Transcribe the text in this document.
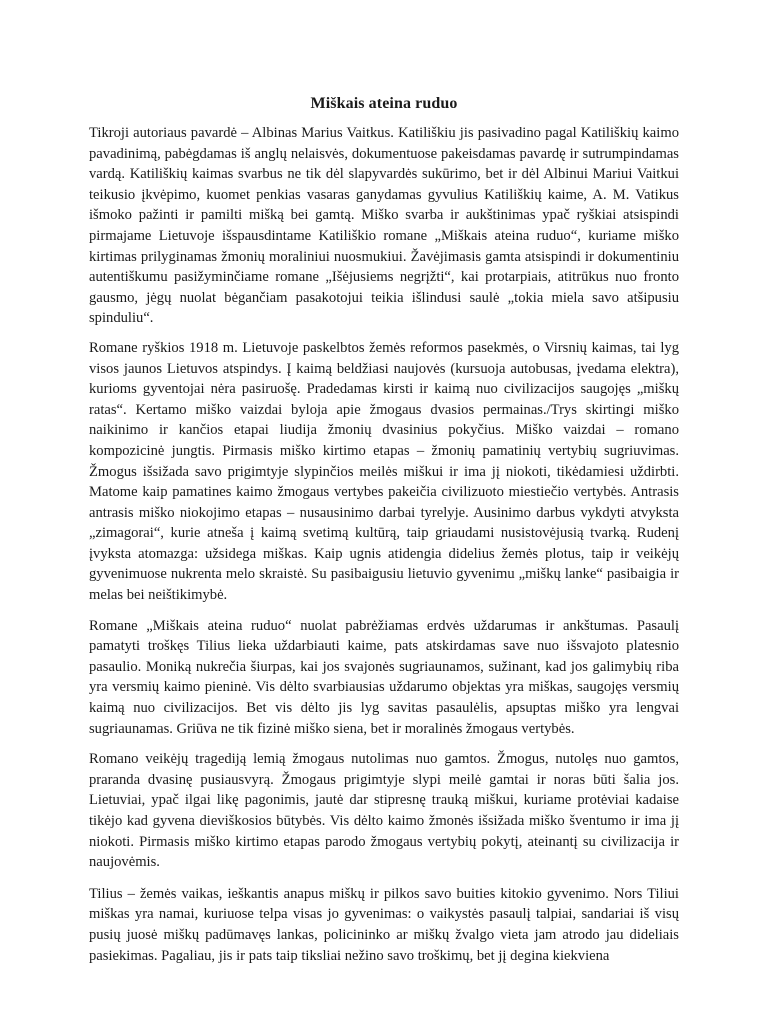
Miškais ateina ruduo

Tikroji autoriaus pavardė – Albinas Marius Vaitkus. Katiliškiu jis pasivadino pagal Katiliškių kaimo pavadinimą, pabėgdamas iš anglų nelaisvės, dokumentuose pakeisdamas pavardę ir sutrumpindamas vardą. Katiliškių kaimas svarbus ne tik dėl slapyvardės sukūrimo, bet ir dėl Albinui Mariui Vaitkui teikusio įkvėpimo, kuomet penkias vasaras ganydamas gyvulius Katiliškių kaime, A. M. Vatikus išmoko pažinti ir pamilti mišką bei gamtą. Miško svarba ir aukštinimas ypač ryškiai atsispindi pirmajame Lietuvoje išspausdintame Katiliškio romane „Miškais ateina ruduo“, kuriame miško kirtimas prilyginamas žmonių moraliniui nuosmukiui. Žavėjimasis gamta atsispindi ir dokumentiniu autentiškumu pasižyminčiame romane „Išėjusiems negrįžti“, kai protarpiais, atitrūkus nuo fronto gausmo, jėgų nuolat bėgančiam pasakotojui teikia išlindusi saulė „tokia miela savo atšipusiu spinduliu“.

Romane ryškios 1918 m. Lietuvoje paskelbtos žemės reformos pasekmės, o Virsnių kaimas, tai lyg visos jaunos Lietuvos atspindys. Į kaimą beldžiasi naujovės (kursuoja autobusas, įvedama elektra), kurioms gyventojai nėra pasiruošę. Pradedamas kirsti ir kaimą nuo civilizacijos saugojęs „miškų ratas“. Kertamo miško vaizdai byloja apie žmogaus dvasios permainas./Trys skirtingi miško naikinimo ir kančios etapai liudija žmonių dvasinius pokyčius. Miško vaizdai – romano kompozicinė jungtis. Pirmasis miško kirtimo etapas – žmonių pamatinių vertybių sugriuvimas. Žmogus išsižada savo prigimtyje slypinčios meilės miškui ir ima jį niokoti, tikėdamiesi uždirbti. Matome kaip pamatines kaimo žmogaus vertybes pakeičia civilizuoto miestiečio vertybės. Antrasis antrasis miško niokojimo etapas – nusausinimo darbai tyrelyje. Ausinimo darbus vykdyti atvyksta „zimagorai“, kurie atneša į kaimą svetimą kultūrą, taip griaudami nusistovėjusią tvarką. Rudenį įvyksta atomazga: užsidega miškas. Kaip ugnis atidengia didelius žemės plotus, taip ir veikėjų gyvenimuose nukrenta melo skraistė. Su pasibaigusiu lietuvio gyvenimu „miškų lanke“ pasibaigia ir melas bei neištikimybė.

Romane „Miškais ateina ruduo“ nuolat pabrėžiamas erdvės uždarumas ir ankštumas. Pasaulį pamatyti troškęs Tilius lieka uždarbiauti kaime, pats atskirdamas save nuo išsvajoto platesnio pasaulio. Moniką nukrečia šiurpas, kai jos svajonės sugriaunamos, sužinant, kad jos galimybių riba yra versmių kaimo pieninė. Vis dėlto svarbiausias uždarumo objektas yra miškas, saugojęs versmių kaimą nuo civilizacijos. Bet vis dėlto jis lyg savitas pasaulėlis, apsuptas miško yra lengvai sugriaunamas. Griūva ne tik fizinė miško siena, bet ir moralinės žmogaus vertybės.

Romano veikėjų tragediją lemią žmogaus nutolimas nuo gamtos. Žmogus, nutolęs nuo gamtos, praranda dvasinę pusiausvyrą. Žmogaus prigimtyje slypi meilė gamtai ir noras būti šalia jos. Lietuviai, ypač ilgai likę pagonimis, jautė dar stipresnę trauką miškui, kuriame protėviai kadaise tikėjo kad gyvena dieviškosios būtybės. Vis dėlto kaimo žmonės išsižada miško šventumo ir ima jį niokoti. Pirmasis miško kirtimo etapas parodo žmogaus vertybių pokytį, ateinantį su civilizacija ir naujovėmis.

Tilius – žemės vaikas, ieškantis anapus miškų ir pilkos savo buities kitokio gyvenimo. Nors Tiliui miškas yra namai, kuriuose telpa visas jo gyvenimas: o vaikystės pasaulį talpiai, sandariai iš visų pusių juosė miškų padūmavęs lankas, policininko ar miškų žvalgo vieta jam atrodo jau dideliais pasiekimas. Pagaliau, jis ir pats taip tiksliai nežino savo troškimų, bet jį degina kiekviena
